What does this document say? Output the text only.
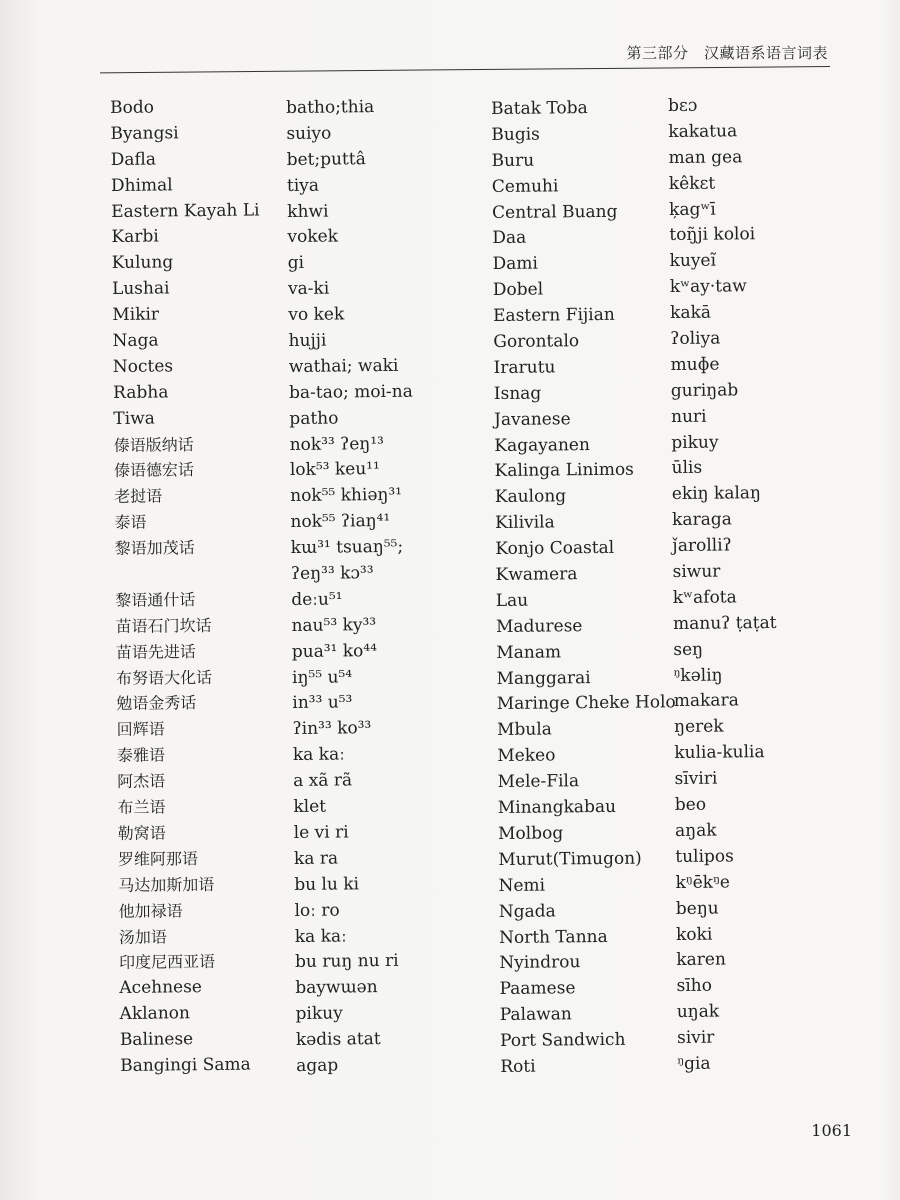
第三部分　汉藏语系语言词表
Bodo
Byangsi
Dafla
Dhimal
Eastern Kayah Li
Karbi
Kulung
Lushai
Mikir
Naga
Noctes
Rabha
Tiwa
傣语版纳话
傣语德宏话
老挝语
泰语
黎语加茂话
黎语通什话
苗语石门坎话
苗语先进话
布努语大化话
勉语金秀话
回辉语
泰雅语
阿杰语
布兰语
勒窝语
罗维阿那语
马达加斯加语
他加禄语
汤加语
印度尼西亚语
Acehnese
Aklanon
Balinese
Bangingi Sama
batho;thia
suiyo
bet;puttâ
tiya
khwi
vokek
gi
va-ki
vo kek
hujji
wathai; waki
ba-tao; moi-na
patho
nok³³ ʔeŋ¹³
lok⁵³ keu¹¹
nok⁵⁵ khiəŋ³¹
nok⁵⁵ ʔiaŋ⁴¹
kɯ³¹ tsuaŋ⁵⁵;
ʔeŋ³³ kɔ³³
deːu⁵¹
nau⁵³ ky³³
pua³¹ ko⁴⁴
iŋ⁵⁵ u⁵⁴
in³³ u⁵³
ʔin³³ ko³³
ka kaː
a xã rã
klet
le vi ri
ka ra
bu lu ki
loː ro
ka kaː
bu ruŋ nu ri
baywɯən
pikuy
kədis atat
agap
Batak Toba
Bugis
Buru
Cemuhi
Central Buang
Daa
Dami
Dobel
Eastern Fijian
Gorontalo
Irarutu
Isnag
Javanese
Kagayanen
Kalinga Linimos
Kaulong
Kilivila
Konjo Coastal
Kwamera
Lau
Madurese
Manam
Manggarai
Maringe Cheke Holo
Mbula
Mekeo
Mele-Fila
Minangkabau
Molbog
Murut(Timugon)
Nemi
Ngada
North Tanna
Nyindrou
Paamese
Palawan
Port Sandwich
Roti
bɛɔ
kakatua
man gea
kêkɛt
ķagʷī
toŋ̃ji koloi
kuyeĩ
kʷay·taw
kakā
ʔoliya
muɸe
guriŋab
nuri
pikuy
ūlis
ekiŋ kalaŋ
karaga
ǰarolliʔ
siwur
kʷafota
manuʔ ṭaṭat
seŋ
ᵑkəliŋ
makara
ŋerek
kulia-kulia
sīviri
beo
aŋak
tulipos
kᵑēkᵑe
beŋu
koki
karen
sīho
uŋak
sivir
ᵑgia
1061
